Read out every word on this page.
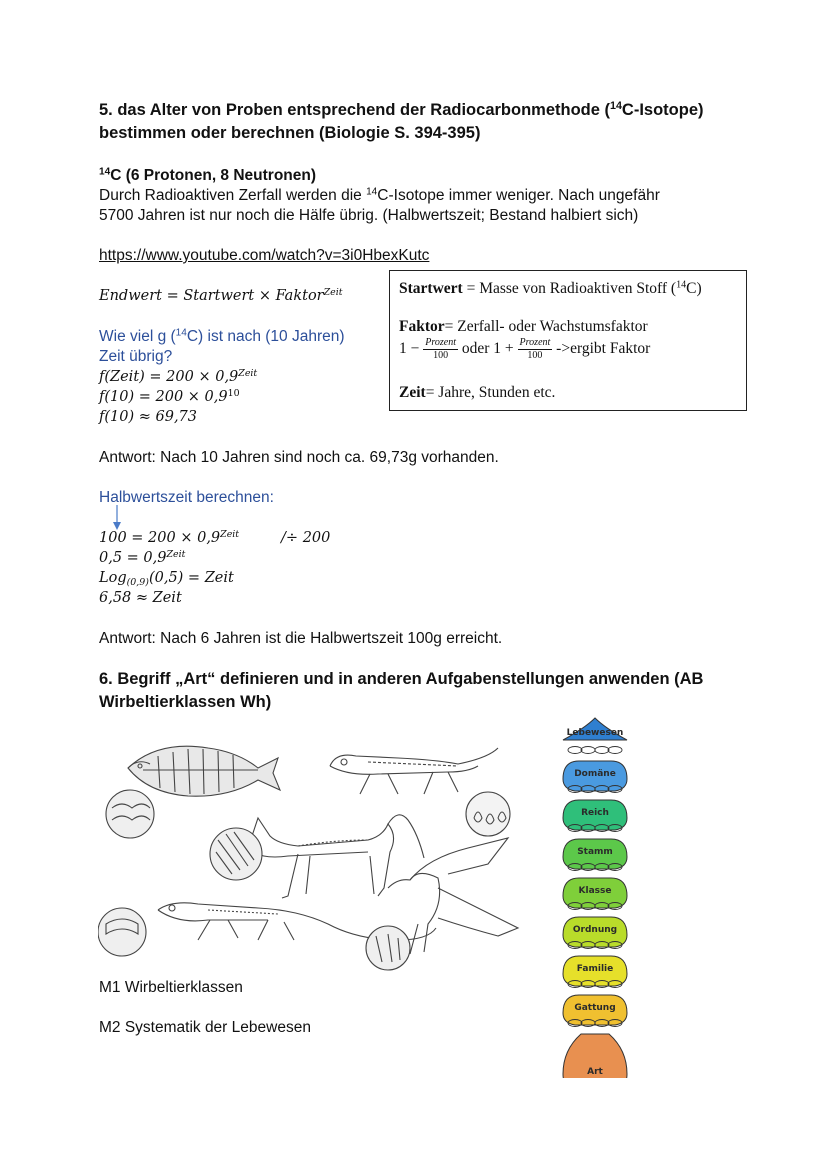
5. das Alter von Proben entsprechend der Radiocarbonmethode ($^{14}$C-Isotope)
bestimmen oder berechnen (Biologie S. 394-395)
$^{14}$C (6 Protonen, 8 Neutronen)
Durch Radioaktiven Zerfall werden die $^{14}$C-Isotope immer weniger. Nach ungefähr
5700 Jahren ist nur noch die Hälfe übrig. (Halbwertszeit; Bestand halbiert sich)
https://www.youtube.com/watch?v=3i0HbexKutc
Endwert = Startwert × Faktor$^{Zeit}$	Startwert = Masse von Radioaktiven Stoff ($^{14}$C)
Faktor= Zerfall- oder Wachstumsfaktor
$1 - \frac{\text{Prozent}}{100}$ oder $1 + \frac{\text{Prozent}}{100}$ ->ergibt Faktor
Zeit= Jahre, Stunden etc.
Wie viel g ($^{14}$C) ist nach (10 Jahren)
Zeit übrig?
f(Zeit) = $200 \times 0,9^{Zeit}$
$f(10) = 200 \times 0,9^{10}$
f(10) ≈ 69,73
Antwort: Nach 10 Jahren sind noch ca. 69,73g vorhanden.
Halbwertszeit berechnen:
$100 = 200 \times 0,9^{Zeit}$	/÷ 200
$0,5 = 0,9^{Zeit}$
Log$_{(0,9)}$(0,5) = Zeit
6,58 ≈ Zeit
Antwort: Nach 6 Jahren ist die Halbwertszeit 100g erreicht.
6. Begriff „Art“ definieren und in anderen Aufgabenstellungen anwenden (AB
Wirbeltierklassen Wh)
M1 Wirbeltierklassen
M2 Systematik der Lebewesen
Lebewesen
Domäne
Reich
Stamm
Klasse
Ordnung
Familie
Gattung
Art
